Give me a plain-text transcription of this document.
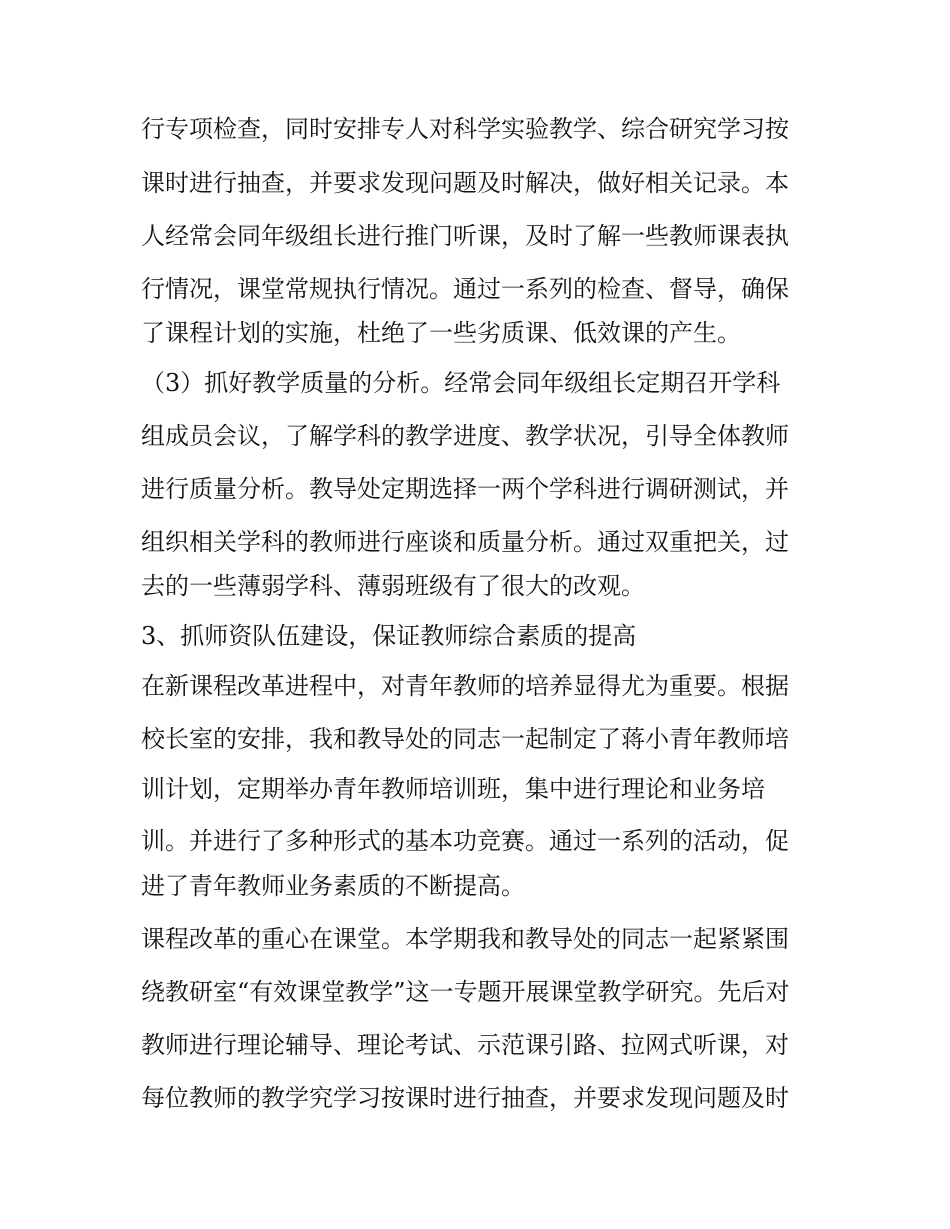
行专项检查，同时安排专人对科学实验教学、综合研究学习按
课时进行抽查，并要求发现问题及时解决，做好相关记录。本
人经常会同年级组长进行推门听课，及时了解一些教师课表执
行情况，课堂常规执行情况。通过一系列的检查、督导，确保
了课程计划的实施，杜绝了一些劣质课、低效课的产生。
（3）抓好教学质量的分析。经常会同年级组长定期召开学科
组成员会议，了解学科的教学进度、教学状况，引导全体教师
进行质量分析。教导处定期选择一两个学科进行调研测试，并
组织相关学科的教师进行座谈和质量分析。通过双重把关，过
去的一些薄弱学科、薄弱班级有了很大的改观。
3、抓师资队伍建设，保证教师综合素质的提高
在新课程改革进程中，对青年教师的培养显得尤为重要。根据
校长室的安排，我和教导处的同志一起制定了蒋小青年教师培
训计划，定期举办青年教师培训班，集中进行理论和业务培
训。并进行了多种形式的基本功竞赛。通过一系列的活动，促
进了青年教师业务素质的不断提高。
课程改革的重心在课堂。本学期我和教导处的同志一起紧紧围
绕教研室“有效课堂教学”这一专题开展课堂教学研究。先后对
教师进行理论辅导、理论考试、示范课引路、拉网式听课，对
每位教师的教学究学习按课时进行抽查，并要求发现问题及时
